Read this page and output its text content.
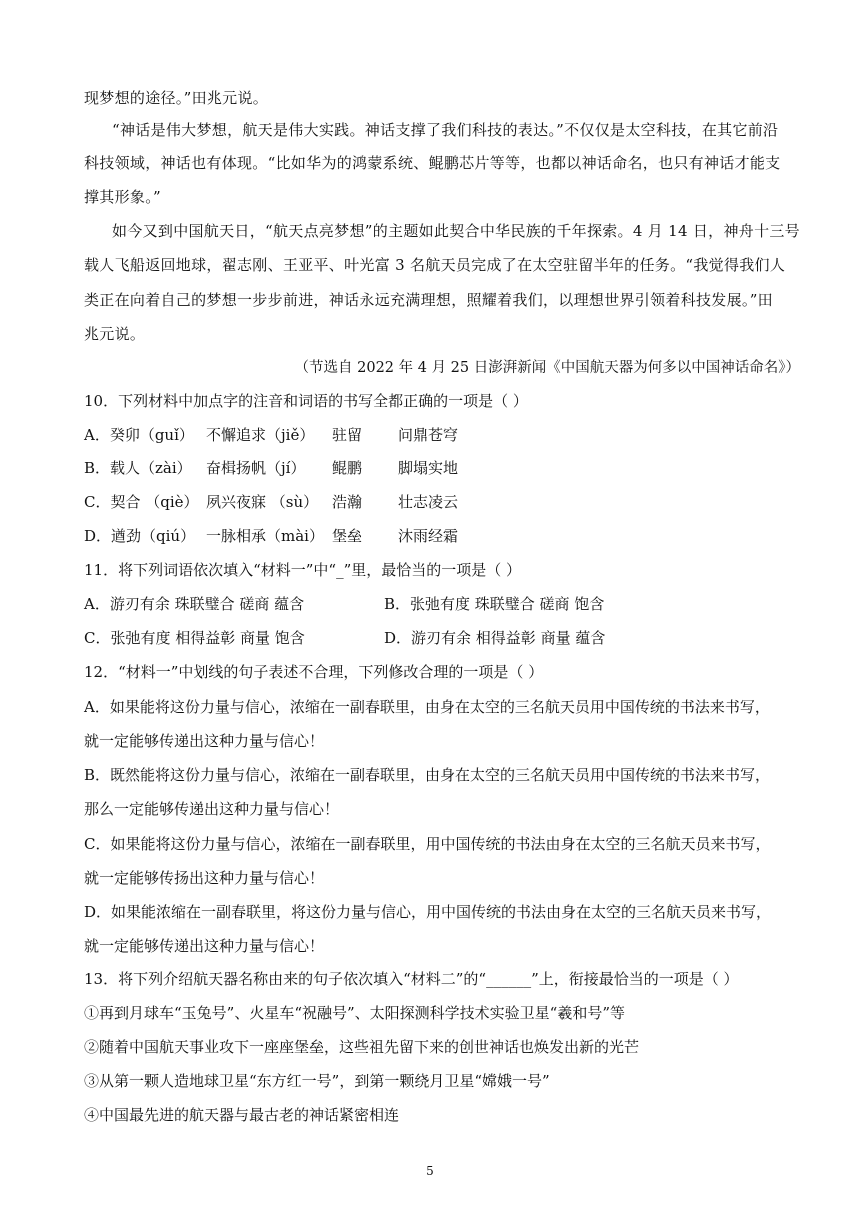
现梦想的途径。”田兆元说。
“神话是伟大梦想，航天是伟大实践。神话支撑了我们科技的表达。”不仅仅是太空科技，在其它前沿
科技领域，神话也有体现。“比如华为的鸿蒙系统、鲲鹏芯片等等，也都以神话命名，也只有神话才能支
撑其形象。”
如今又到中国航天日，“航天点亮梦想”的主题如此契合中华民族的千年探索。4 月 14 日，神舟十三号
载人飞船返回地球，翟志刚、王亚平、叶光富 3 名航天员完成了在太空驻留半年的任务。“我觉得我们人
类正在向着自己的梦想一步步前进，神话永远充满理想，照耀着我们，以理想世界引领着科技发展。”田
兆元说。
（节选自 2022 年 4 月 25 日澎湃新闻《中国航天器为何多以中国神话命名》）
10．下列材料中加点字的注音和词语的书写全都正确的一项是（ ）
A．癸卯（guǐ） 不懈追求（jiě） 驻留 问鼎苍穹
B．载人（zài） 奋楫扬帆（jí） 鲲鹏 脚塌实地
C．契合 （qiè） 夙兴夜寐 （sù） 浩瀚 壮志凌云
D．遒劲（qiú） 一脉相承（mài） 堡垒 沐雨经霜
11．将下列词语依次填入“材料一”中“_”里，最恰当的一项是（ ）
A．游刃有余 珠联璧合 磋商 蕴含	B．张弛有度 珠联璧合 磋商 饱含
C．张弛有度 相得益彰 商量 饱含	D．游刃有余 相得益彰 商量 蕴含
12．“材料一”中划线的句子表述不合理，下列修改合理的一项是（ ）
A．如果能将这份力量与信心，浓缩在一副春联里，由身在太空的三名航天员用中国传统的书法来书写，
就一定能够传递出这种力量与信心！
B．既然能将这份力量与信心，浓缩在一副春联里，由身在太空的三名航天员用中国传统的书法来书写，
那么一定能够传递出这种力量与信心！
C．如果能将这份力量与信心，浓缩在一副春联里，用中国传统的书法由身在太空的三名航天员来书写，
就一定能够传扬出这种力量与信心！
D．如果能浓缩在一副春联里，将这份力量与信心，用中国传统的书法由身在太空的三名航天员来书写，
就一定能够传递出这种力量与信心！
13．将下列介绍航天器名称由来的句子依次填入“材料二”的“______”上，衔接最恰当的一项是（ ）
①再到月球车“玉兔号”、火星车“祝融号”、太阳探测科学技术实验卫星“羲和号”等
②随着中国航天事业攻下一座座堡垒，这些祖先留下来的创世神话也焕发出新的光芒
③从第一颗人造地球卫星“东方红一号”，到第一颗绕月卫星“嫦娥一号”
④中国最先进的航天器与最古老的神话紧密相连
5
